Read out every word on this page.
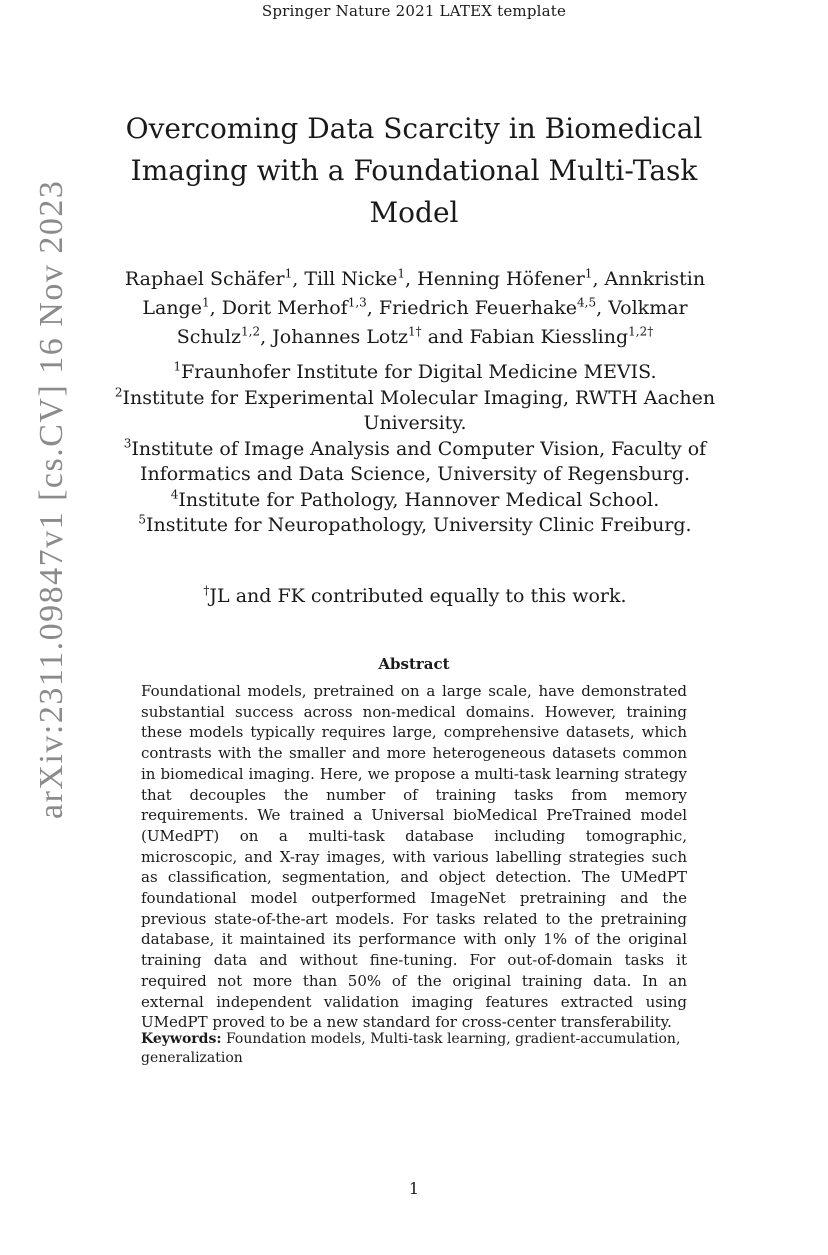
Springer Nature 2021 LATEX template
arXiv:2311.09847v1 [cs.CV] 16 Nov 2023
Overcoming Data Scarcity in Biomedical Imaging with a Foundational Multi-Task Model
Raphael Schäfer$^1$, Till Nicke$^1$, Henning Höfener$^1$, Annkristin Lange$^1$, Dorit Merhof$^{1,3}$, Friedrich Feuerhake$^{4,5}$, Volkmar Schulz$^{1,2}$, Johannes Lotz$^{1\dagger}$ and Fabian Kiessling$^{1,2\dagger}$
$^1$Fraunhofer Institute for Digital Medicine MEVIS.
$^2$Institute for Experimental Molecular Imaging, RWTH Aachen University.
$^3$Institute of Image Analysis and Computer Vision, Faculty of Informatics and Data Science, University of Regensburg.
$^4$Institute for Pathology, Hannover Medical School.
$^5$Institute for Neuropathology, University Clinic Freiburg.
†JL and FK contributed equally to this work.
Abstract

Foundational models, pretrained on a large scale, have demonstrated substantial success across non-medical domains. However, training these models typically requires large, comprehensive datasets, which contrasts with the smaller and more heterogeneous datasets common in biomedical imaging. Here, we propose a multi-task learning strategy that decouples the number of training tasks from memory requirements. We trained a Universal bioMedical PreTrained model (UMedPT) on a multi-task database including tomographic, microscopic, and X-ray images, with various labelling strategies such as classification, segmentation, and object detection. The UMedPT foundational model outperformed ImageNet pretraining and the previous state-of-the-art models. For tasks related to the pretraining database, it maintained its performance with only 1% of the original training data and without fine-tuning. For out-of-domain tasks it required not more than 50% of the original training data. In an external independent validation imaging features extracted using UMedPT proved to be a new standard for cross-center transferability.

Keywords: Foundation models, Multi-task learning, gradient-accumulation, generalization

1
